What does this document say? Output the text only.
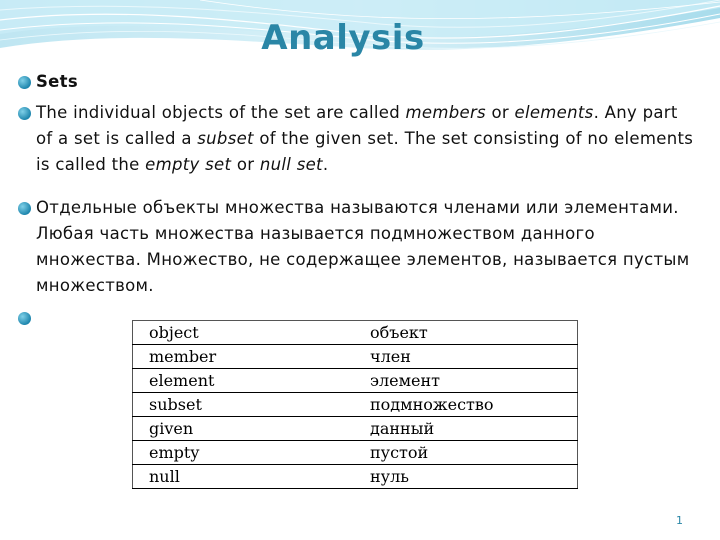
Analysis
Sets
The individual objects of the set are called members or elements. Any part of a set is called a subset of the given set. The set consisting of no elements is called the empty set or null set.
Отдельные объекты множества называются членами или элементами. Любая часть множества называется подмножеством данного множества. Множество, не содержащее элементов, называется пустым множеством.
object	объект
member	член
element	элемент
subset	подмножество
given	данный
empty	пустой
null	нуль
1
